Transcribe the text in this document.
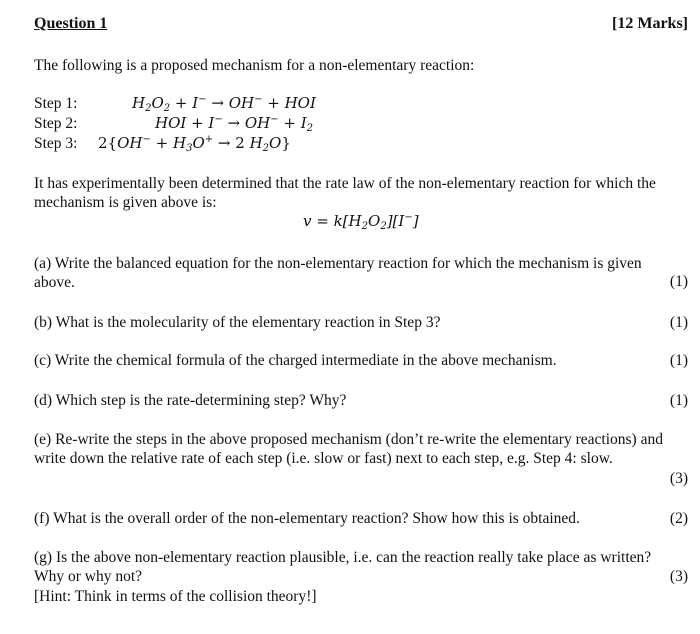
Question 1	[12 Marks]
The following is a proposed mechanism for a non-elementary reaction:
Step 1:	$H_2O_2 + I^- \to OH^-$ + HOI
Step 2:	HOI + $I^- \to OH^- + I_2$
Step 3: $2\{OH^- + H_3O^+ \to 2$ $H_2O$}
It has experimentally been determined that the rate law of the non-elementary reaction for which the mechanism is given above is:
$v = k[H_2O_2][I^-]$
(a) Write the balanced equation for the non-elementary reaction for which the mechanism is given above.	(1)
(b) What is the molecularity of the elementary reaction in Step 3?	(1)
(c) Write the chemical formula of the charged intermediate in the above mechanism.	(1)
(d) Which step is the rate-determining step? Why?	(1)
(e) Re-write the steps in the above proposed mechanism (don’t re-write the elementary reactions) and write down the relative rate of each step (i.e. slow or fast) next to each step, e.g. Step 4: slow.
(3)
(f) What is the overall order of the non-elementary reaction? Show how this is obtained.	(2)
(g) Is the above non-elementary reaction plausible, i.e. can the reaction really take place as written? Why or why not?	(3)
[Hint: Think in terms of the collision theory!]
